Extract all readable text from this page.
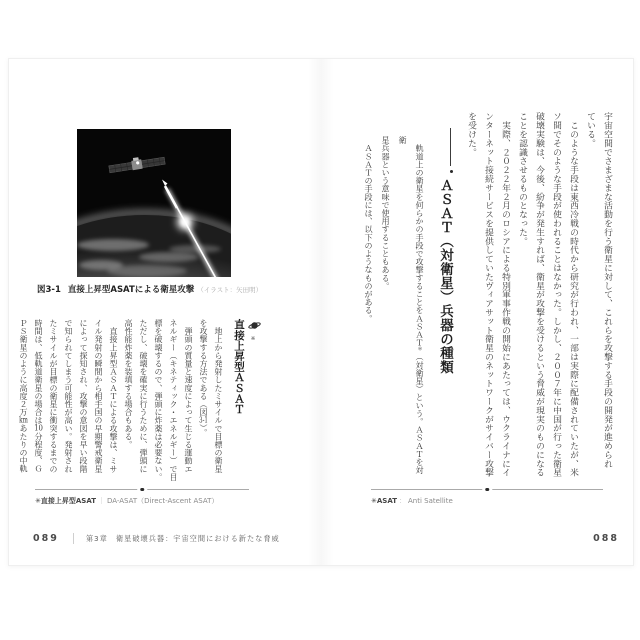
図3-1 直接上昇型ASATによる衛星攻撃 （イラスト：矢田明）
※
直接上昇型ＡＳＡＴ

　地上から発射したミサイルで目標の衛星

を攻撃する方法である（図3-1）。

　弾頭の質量と速度によって生じる運動エ

ネルギー（キネティック・エネルギー）で目

標を破壊するので、弾頭に炸薬は必要ない。

ただし、破壊を確実に行うために、弾頭に

高性能炸薬を装填する場合もある。

　直接上昇型ＡＳＡＴによる攻撃は、ミサ

イル発射の瞬間から相手国の早期警戒衛星

によって探知され、攻撃の意図を早い段階

で知られてしまう可能性が高い。発射され

たミサイルが目標の衛星に衝突するまでの

時間は、低軌道衛星の場合は10分程度、Ｇ

ＰＳ衛星のように高度２万kmあたりの中軌

✳直接上昇型ASAT ｜ DA-ASAT（Direct-Ascent ASAT）
089	第3章　衛星破壊兵器：宇宙空間における新たな脅威

宇宙空間でさまざまな活動を行う衛星に対して、これらを攻撃する手段の開発が進められ

ている。

　このような手段は東西冷戦の時代から研究が行われ、一部は実際に配備されていたが、米

ソ間でそのような手段が使われることはなかった。しかし、２００７年に中国が行った衛星

破壊実験は、今後、紛争が発生すれば、衛星が攻撃を受けるという脅威が現実のものになる

ことを認識させるものとなった。

　実際、２０２２年２月のロシアによる特別軍事作戦の開始にあたっては、ウクライナにイ

ンターネット接続サービスを提供していたヴィアサット衛星のネットワークがサイバー攻撃

を受けた。

ＡＳＡＴ（対衛星）兵器の種類

　軌道上の衛星を何らかの手段で攻撃することをＡＳＡＴ※（対衛星）という。ＡＳＡＴを対衛

星兵器という意味で使用することもある。

　ＡＳＡＴの手段には、以下のようなものがある。

✳ASAT ： Anti Satellite
088
